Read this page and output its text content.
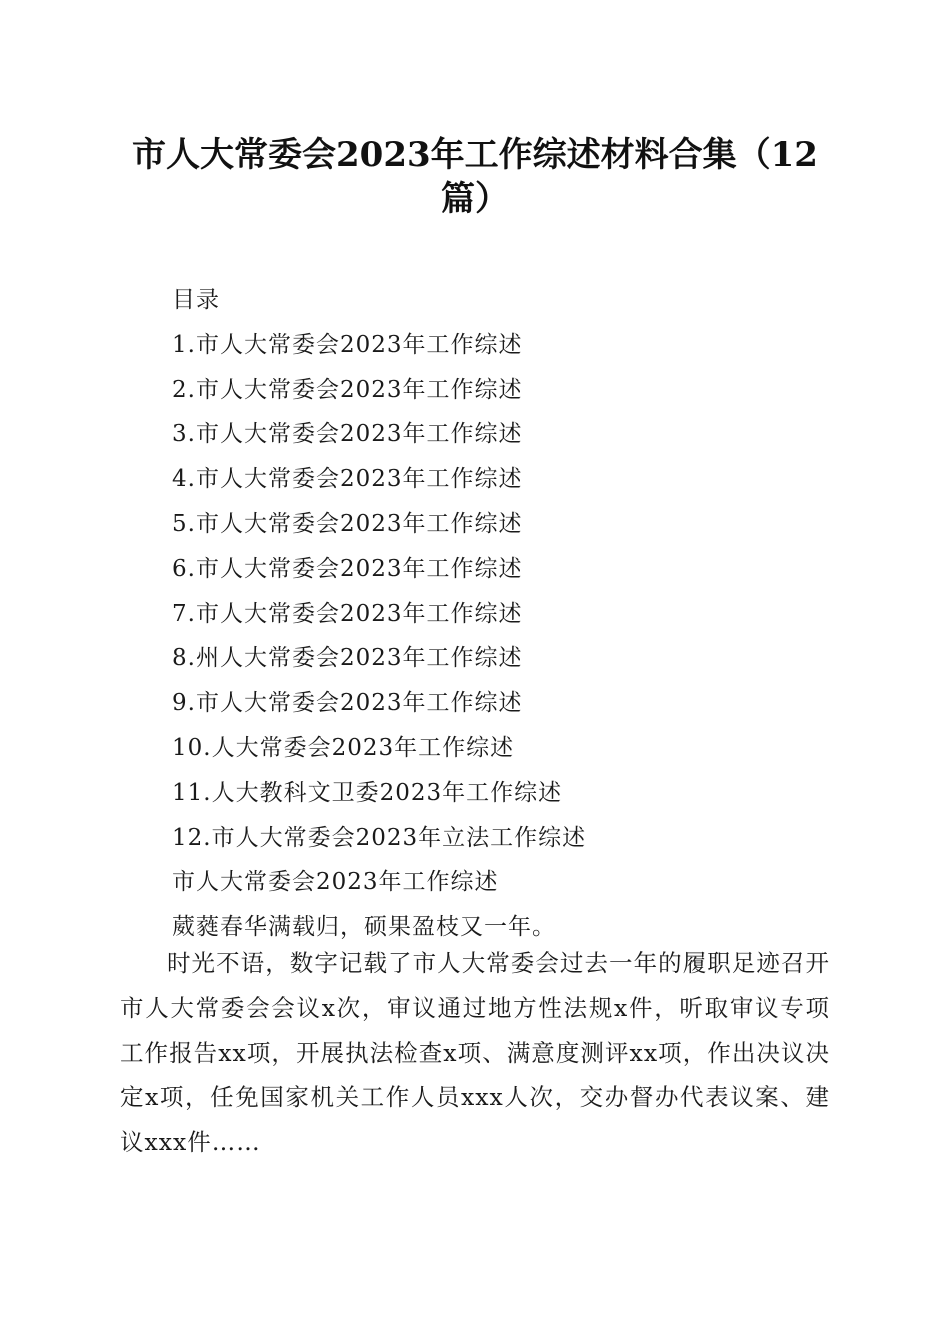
市人大常委会2023年工作综述材料合集（12篇）
目录
1.市人大常委会2023年工作综述
2.市人大常委会2023年工作综述
3.市人大常委会2023年工作综述
4.市人大常委会2023年工作综述
5.市人大常委会2023年工作综述
6.市人大常委会2023年工作综述
7.市人大常委会2023年工作综述
8.州人大常委会2023年工作综述
9.市人大常委会2023年工作综述
10.人大常委会2023年工作综述
11.人大教科文卫委2023年工作综述
12.市人大常委会2023年立法工作综述
市人大常委会2023年工作综述
葳蕤春华满载归，硕果盈枝又一年。

时光不语，数字记载了市人大常委会过去一年的履职足迹召开市人大常委会会议x次，审议通过地方性法规x件，听取审议专项工作报告xx项，开展执法检查x项、满意度测评xx项，作出决议决定x项，任免国家机关工作人员xxx人次，交办督办代表议案、建议xxx件……
